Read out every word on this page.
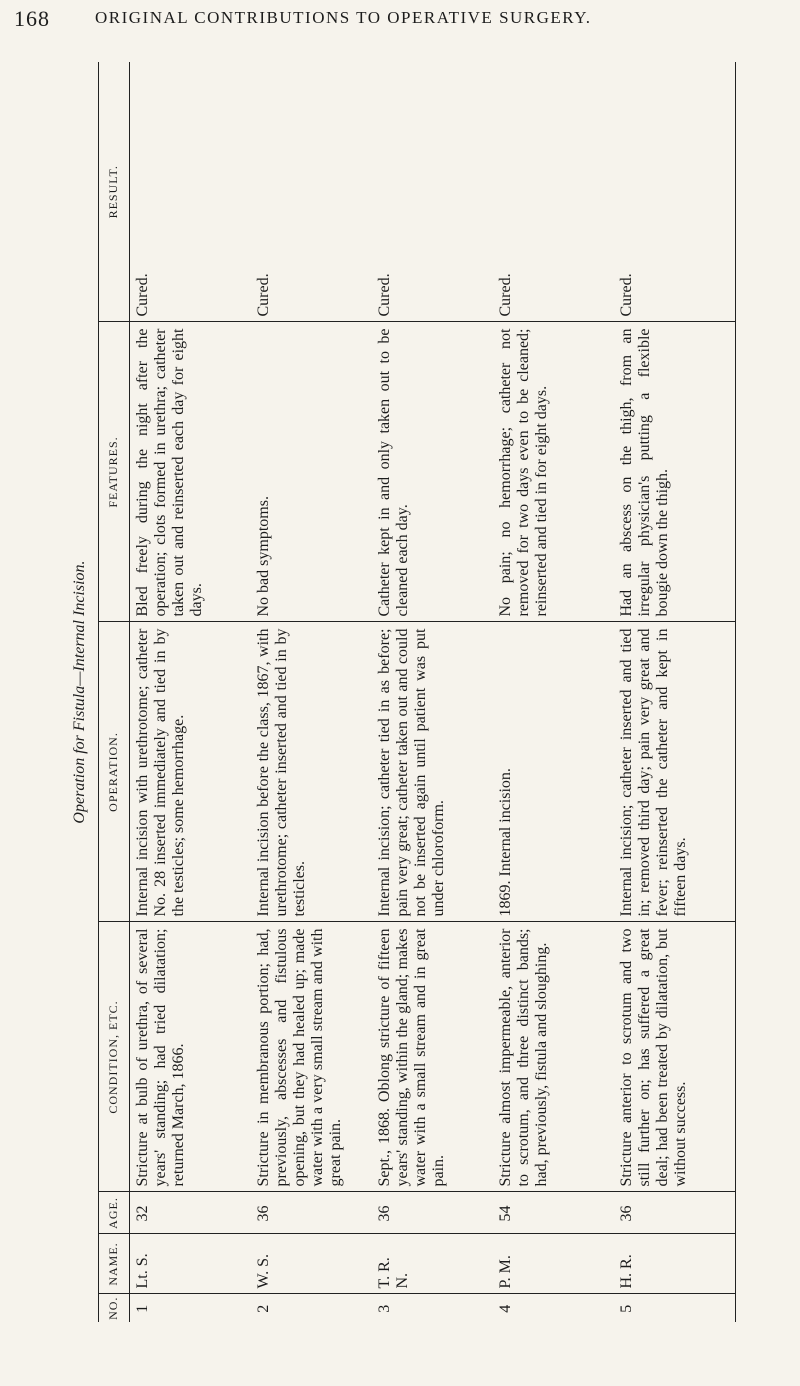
168	ORIGINAL CONTRIBUTIONS TO OPERATIVE SURGERY.
Operation for Fistula—Internal Incision.
NO.	NAME.	AGE.	CONDITION, ETC.	OPERATION.	FEATURES.	RESULT.
1	Lt. S.	32	Stricture at bulb of urethra, of several years' standing; had tried dilatation; returned March, 1866.	Internal incision with urethrotome; catheter No. 28 inserted immediately and tied in by the testicles; some hemorrhage.	Bled freely during the night after the operation; clots formed in urethra; catheter taken out and reinserted each day for eight days.	Cured.
2	W. S.	36	Stricture in membranous portion; had, previously, abscesses and fistulous opening, but they had healed up; made water with a very small stream and with great pain.	Internal incision before the class, 1867, with urethrotome; catheter inserted and tied in by testicles.	No bad symptoms.	Cured.
3	T. R. N.	36	Sept., 1868. Oblong stricture of fifteen years' standing, within the gland; makes water with a small stream and in great pain.	Internal incision; catheter tied in as before; pain very great; catheter taken out and could not be inserted again until patient was put under chloroform.	Catheter kept in and only taken out to be cleaned each day.	Cured.
4	P. M.	54	Stricture almost impermeable, anterior to scrotum, and three distinct bands; had, previously, fistula and sloughing.	1869. Internal incision.	No pain; no hemorrhage; catheter not removed for two days even to be cleaned; reinserted and tied in for eight days.	Cured.
5	H. R.	36	Stricture anterior to scrotum and two still further on; has suffered a great deal; had been treated by dilatation, but without success.	Internal incision; catheter inserted and tied in; removed third day; pain very great and fever; reinserted the catheter and kept in fifteen days.	Had an abscess on the thigh, from an irregular physician's putting a flexible bougie down the thigh.	Cured.
